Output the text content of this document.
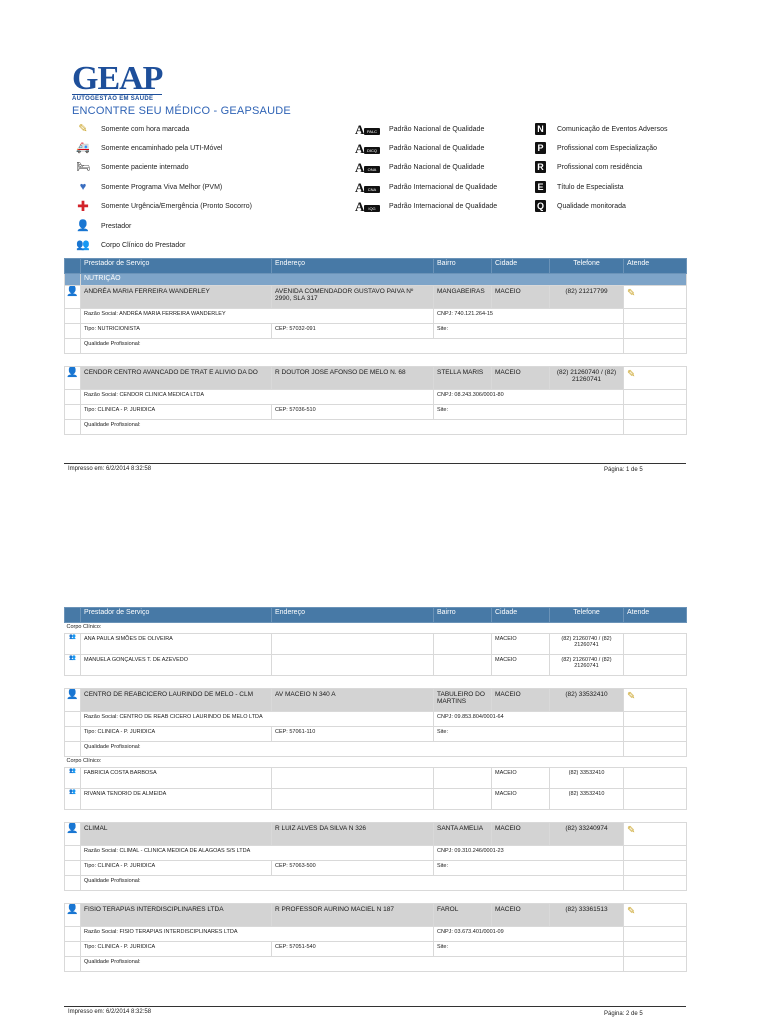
GEAP
AUTOGESTÃO EM SAÚDE
ENCONTRE SEU MÉDICO - GEAPSAUDE
✎	Somente com hora marcada
🚑 Somente encaminhado pela UTI-Móvel
🛏 Somente paciente internado
♥	Somente Programa Viva Melhor (PVM)
✚	Somente Urgência/Emergência (Pronto Socorro)
👤 Prestador
👥 Corpo Clínico do Prestador
A PALC	Padrão Nacional de Qualidade
A DICQ	Padrão Nacional de Qualidade
A ONA	Padrão Nacional de Qualidade
A CNA	Padrão Internacional de Qualidade
A IQG	Padrão Internacional de Qualidade
N	Comunicação de Eventos Adversos
P	Profissional com Especialização
R	Profissional com residência
E	Título de Especialista
Q Qualidade monitorada
	Prestador de Serviço	Endereço	Bairro	Cidade	Telefone	Atende
	NUTRIÇÃO					
👤	ANDRÉA MARIA FERREIRA WANDERLEY	AVENIDA COMENDADOR GUSTAVO PAIVA Nº 2990, SLA 317	MANGABEIRAS	MACEIO	(82) 21217799	✎
	Razão Social: ANDRÉA MARIA FERREIRA WANDERLEY		CNPJ: 740.121.264-15			
	Tipo: NUTRICIONISTA	CEP: 57032-091	Site:			
	Qualidade Profissional:					

👤	CENDOR CENTRO AVANCADO DE TRAT E ALIVIO DA DO	R DOUTOR JOSE AFONSO DE MELO N. 68	STELLA MARIS	MACEIO	(82) 21260740 / (82) 21260741	✎
	Razão Social: CENDOR CLINICA MEDICA LTDA		CNPJ: 08.243.306/0001-80			
	Tipo: CLINICA - P. JURIDICA	CEP: 57036-510	Site:			
	Qualidade Profissional:					
Impresso em: 6/2/2014 8:32:58	Página: 1 de 5
	Prestador de Serviço	Endereço	Bairro	Cidade	Telefone	Atende
Corpo Clínico:						
👥	ANA PAULA SIMÕES DE OLIVEIRA			MACEIO	(82) 21260740 / (82) 21260741	
👥	MANUELA GONÇALVES T. DE AZEVEDO			MACEIO	(82) 21260740 / (82) 21260741	

👤	CENTRO DE REABCICERO LAURINDO DE MELO - CLM	AV MACEIO N 340 A	TABULEIRO DO MARTINS	MACEIO	(82) 33532410	✎
	Razão Social: CENTRO DE REAB CICERO LAURINDO DE MELO LTDA		CNPJ: 09.853.804/0001-64			
	Tipo: CLINICA - P. JURIDICA	CEP: 57061-110	Site:			
	Qualidade Profissional:					
Corpo Clínico:						
👥	FABRICIA COSTA BARBOSA			MACEIO	(82) 33532410	
👥	RIVANIA TENORIO DE ALMEIDA			MACEIO	(82) 33532410	

👤	CLIMAL	R LUIZ ALVES DA SILVA N 326	SANTA AMELIA	MACEIO	(82) 33240974	✎
	Razão Social: CLIMAL - CLINICA MEDICA DE ALAGOAS S/S LTDA		CNPJ: 09.310.246/0001-23			
	Tipo: CLINICA - P. JURIDICA	CEP: 57063-500	Site:			
	Qualidade Profissional:					

👤	FISIO TERAPIAS INTERDISCIPLINARES LTDA	R PROFESSOR AURINO MACIEL N 187	FAROL	MACEIO	(82) 33361513	✎
	Razão Social: FISIO TERAPIAS INTERDISCIPLINARES LTDA		CNPJ: 03.673.401/0001-09			
	Tipo: CLINICA - P. JURIDICA	CEP: 57051-540	Site:			
	Qualidade Profissional:					
Impresso em: 6/2/2014 8:32:58	Página: 2 de 5
